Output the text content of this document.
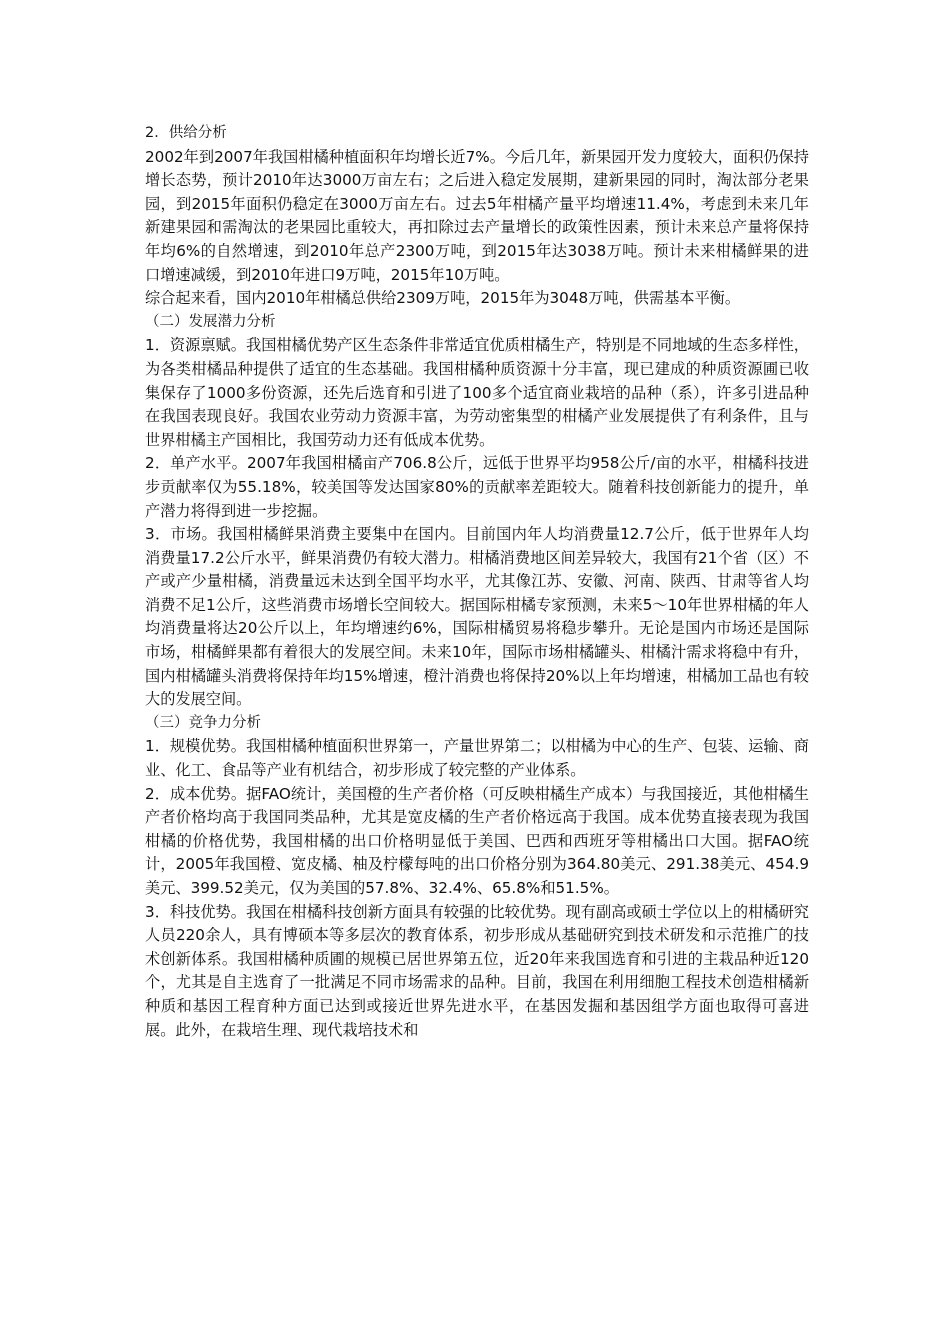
2．供给分析

2002年到2007年我国柑橘种植面积年均增长近7%。今后几年，新果园开发力度较大，面积仍保持增长态势，预计2010年达3000万亩左右；之后进入稳定发展期，建新果园的同时，淘汰部分老果园，到2015年面积仍稳定在3000万亩左右。过去5年柑橘产量平均增速11.4%，考虑到未来几年新建果园和需淘汰的老果园比重较大，再扣除过去产量增长的政策性因素，预计未来总产量将保持年均6%的自然增速，到2010年总产2300万吨，到2015年达3038万吨。预计未来柑橘鲜果的进口增速减缓，到2010年进口9万吨，2015年10万吨。

综合起来看，国内2010年柑橘总供给2309万吨，2015年为3048万吨，供需基本平衡。

（二）发展潜力分析

1．资源禀赋。我国柑橘优势产区生态条件非常适宜优质柑橘生产，特别是不同地域的生态多样性，为各类柑橘品种提供了适宜的生态基础。我国柑橘种质资源十分丰富，现已建成的种质资源圃已收集保存了1000多份资源，还先后选育和引进了100多个适宜商业栽培的品种（系），许多引进品种在我国表现良好。我国农业劳动力资源丰富，为劳动密集型的柑橘产业发展提供了有利条件，且与世界柑橘主产国相比，我国劳动力还有低成本优势。

2．单产水平。2007年我国柑橘亩产706.8公斤，远低于世界平均958公斤/亩的水平，柑橘科技进步贡献率仅为55.18%，较美国等发达国家80%的贡献率差距较大。随着科技创新能力的提升，单产潜力将得到进一步挖掘。

3．市场。我国柑橘鲜果消费主要集中在国内。目前国内年人均消费量12.7公斤，低于世界年人均消费量17.2公斤水平，鲜果消费仍有较大潜力。柑橘消费地区间差异较大，我国有21个省（区）不产或产少量柑橘，消费量远未达到全国平均水平，尤其像江苏、安徽、河南、陕西、甘肃等省人均消费不足1公斤，这些消费市场增长空间较大。据国际柑橘专家预测，未来5～10年世界柑橘的年人均消费量将达20公斤以上，年均增速约6%，国际柑橘贸易将稳步攀升。无论是国内市场还是国际市场，柑橘鲜果都有着很大的发展空间。未来10年，国际市场柑橘罐头、柑橘汁需求将稳中有升，国内柑橘罐头消费将保持年均15%增速，橙汁消费也将保持20%以上年均增速，柑橘加工品也有较大的发展空间。

（三）竞争力分析

1．规模优势。我国柑橘种植面积世界第一，产量世界第二；以柑橘为中心的生产、包装、运输、商业、化工、食品等产业有机结合，初步形成了较完整的产业体系。

2．成本优势。据FAO统计，美国橙的生产者价格（可反映柑橘生产成本）与我国接近，其他柑橘生产者价格均高于我国同类品种，尤其是宽皮橘的生产者价格远高于我国。成本优势直接表现为我国柑橘的价格优势，我国柑橘的出口价格明显低于美国、巴西和西班牙等柑橘出口大国。据FAO统计，2005年我国橙、宽皮橘、柚及柠檬每吨的出口价格分别为364.80美元、291.38美元、454.9美元、399.52美元，仅为美国的57.8%、32.4%、65.8%和51.5%。

3．科技优势。我国在柑橘科技创新方面具有较强的比较优势。现有副高或硕士学位以上的柑橘研究人员220余人，具有博硕本等多层次的教育体系，初步形成从基础研究到技术研发和示范推广的技术创新体系。我国柑橘种质圃的规模已居世界第五位，近20年来我国选育和引进的主栽品种近120个，尤其是自主选育了一批满足不同市场需求的品种。目前，我国在利用细胞工程技术创造柑橘新种质和基因工程育种方面已达到或接近世界先进水平，在基因发掘和基因组学方面也取得可喜进展。此外，在栽培生理、现代栽培技术和
